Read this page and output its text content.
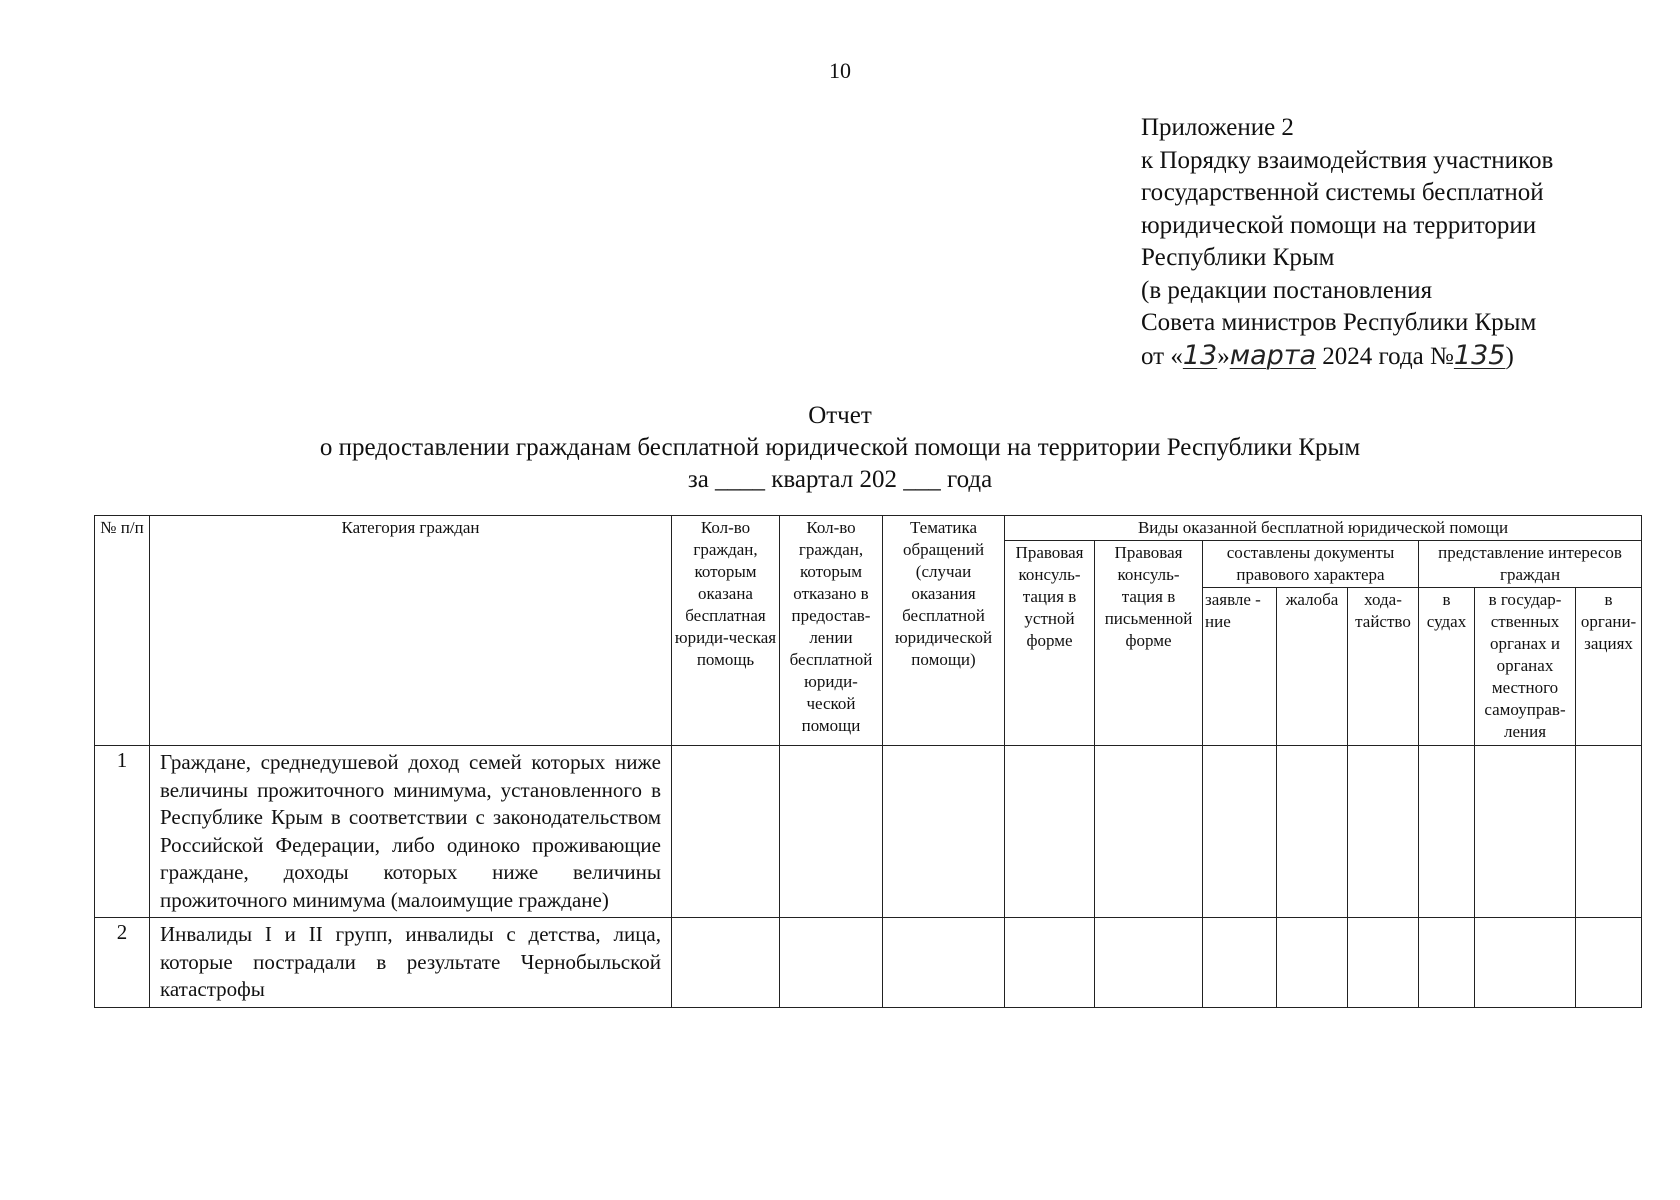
10
Приложение 2
к Порядку взаимодействия участников
государственной системы бесплатной
юридической помощи на территории
Республики Крым
(в редакции постановления
Совета министров Республики Крым
от «13»марта 2024 года №135)
Отчет
о предоставлении гражданам бесплатной юридической помощи на территории Республики Крым
за ____ квартал 202 ___ года
№ п/п	Категория граждан	Кол-во граждан, которым оказана бесплатная юриди-ческая помощь	Кол-во граждан, которым отказано в предостав-лении бесплатной юриди-ческой помощи	Тематика обращений (случаи оказания бесплатной юридической помощи)	Виды оказанной бесплатной юридической помощи							
					Правовая консуль-тация в устной форме	Правовая консуль-тация в письменной форме	составлены документы правового характера			представление интересов граждан		
							заявле - ние	жалоба	хода-тайство	в судах	в государ-ственных органах и органах местного самоуправ-ления	в органи-зациях
1	Граждане, среднедушевой доход семей которых ниже величины прожиточного минимума, установленного в Республике Крым в соответствии с законодательством Российской Федерации, либо одиноко проживающие граждане, доходы которых ниже величины прожиточного минимума (малоимущие граждане)											
2	Инвалиды I и II групп, инвалиды с детства, лица, которые пострадали в результате Чернобыльской катастрофы											
